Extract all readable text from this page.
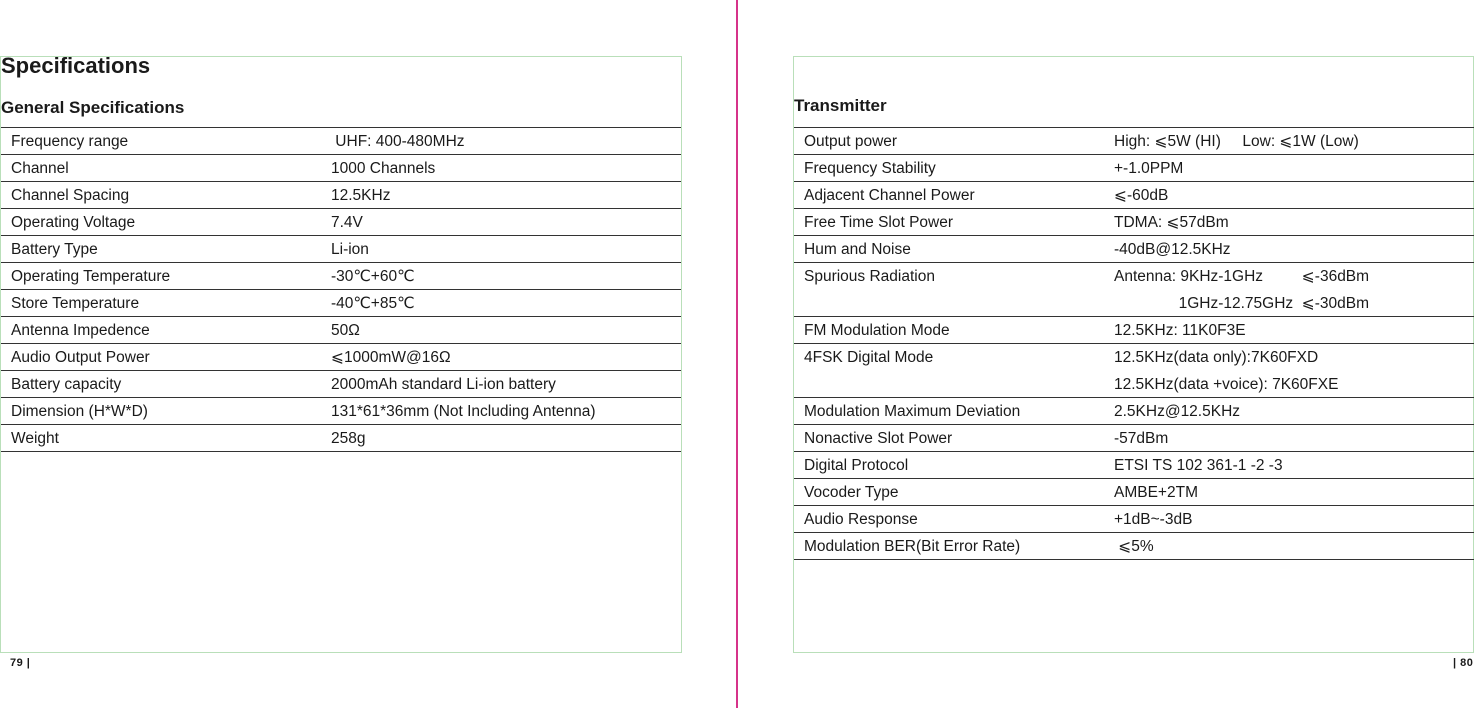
Specifications
General Specifications	Transmitter
Frequency range	UHF: 400-480MHz
Channel	1000 Channels
Channel Spacing	12.5KHz
Operating Voltage	7.4V
Battery Type	Li-ion
Operating Temperature	-30℃+60℃
Store Temperature	-40℃+85℃
Antenna Impedence	50Ω
Audio Output Power	⩽1000mW@16Ω
Battery capacity	2000mAh standard Li-ion battery
Dimension (H*W*D)	131*61*36mm (Not Including Antenna)
Weight	258g
Output power	High: ⩽5W (HI)     Low: ⩽1W (Low)
Frequency Stability	+-1.0PPM
Adjacent Channel Power	⩽-60dB
Free Time Slot Power	TDMA: ⩽57dBm
Hum and Noise	-40dB@12.5KHz
Spurious Radiation	Antenna: 9KHz-1GHz         ⩽-36dBm
1GHz-12.75GHz  ⩽-30dBm
FM Modulation Mode	12.5KHz: 11K0F3E
4FSK Digital Mode	12.5KHz(data only):7K60FXD
12.5KHz(data +voice): 7K60FXE
Modulation Maximum Deviation	2.5KHz@12.5KHz
Nonactive Slot Power	-57dBm
Digital Protocol	ETSI TS 102 361-1 -2 -3
Vocoder Type	AMBE+2TM
Audio Response	+1dB~-3dB
Modulation BER(Bit Error Rate)	⩽5%
79 |	| 80
